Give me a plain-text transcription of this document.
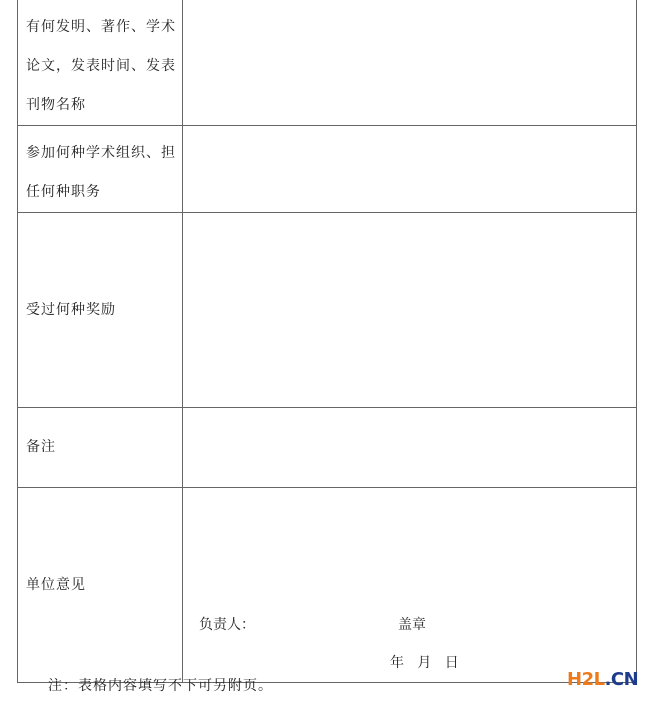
有何发明、著作、学术论文，发表时间、发表刊物名称	

参加何种学术组织、担任何种职务	

受过何种奖励	

备注	

单位意见	负责人： 盖章
年   月   日
注：表格内容填写不下可另附页。	H2L.CN
